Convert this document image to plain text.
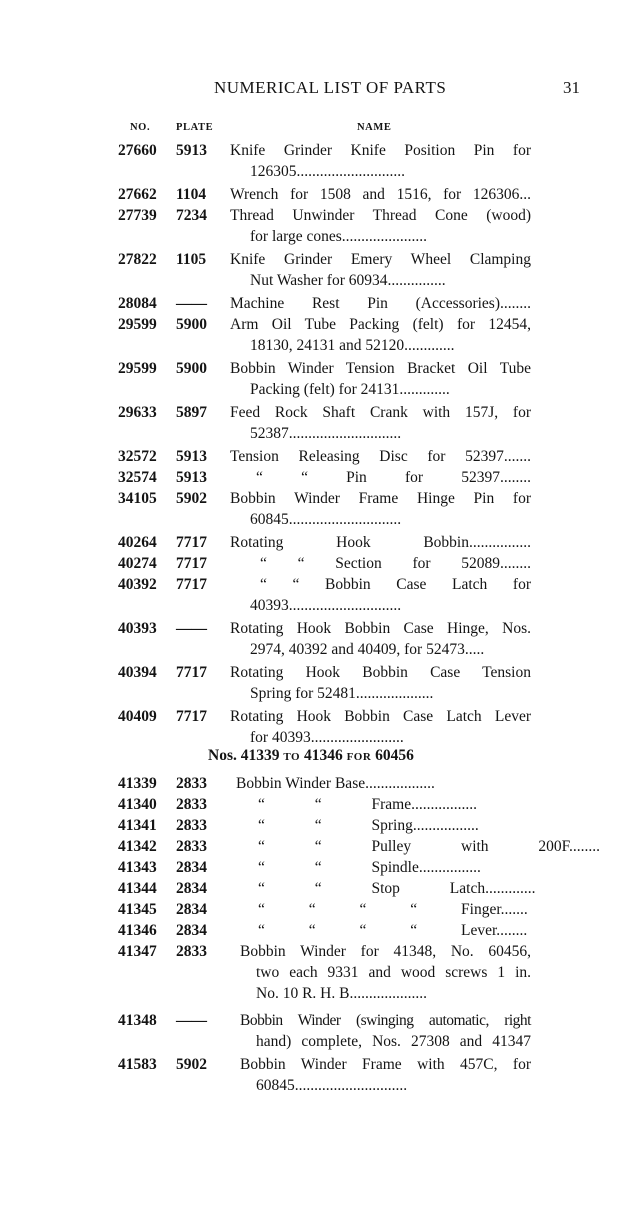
NUMERICAL LIST OF PARTS	31
NO. PLATE	NAME
27660 5913 Knife Grinder Knife Position Pin for
126305............................
27662 1104 Wrench for 1508 and 1516, for 126306...
27739 7234 Thread Unwinder Thread Cone (wood)
for large cones......................
27822 1105 Knife Grinder Emery Wheel Clamping
Nut Washer for 60934...............
28084 —— Machine Rest Pin (Accessories)........
29599 5900 Arm Oil Tube Packing (felt) for 12454,
18130, 24131 and 52120.............
29599 5900 Bobbin Winder Tension Bracket Oil Tube
Packing (felt) for 24131.............
29633 5897 Feed Rock Shaft Crank with 157J, for
52387.............................
32572 5913 Tension Releasing Disc for 52397.......
32574 5913	“ “ Pin for 52397........
34105 5902 Bobbin Winder Frame Hinge Pin for
60845.............................
40264 7717 Rotating Hook Bobbin................
40274 7717	“ “ Section for 52089........
40392 7717	“ “ Bobbin Case Latch for
40393.............................
40393 —— Rotating Hook Bobbin Case Hinge, Nos.
2974, 40392 and 40409, for 52473.....
40394 7717 Rotating Hook Bobbin Case Tension
Spring for 52481....................
40409 7717 Rotating Hook Bobbin Case Latch Lever
for 40393........................
Nos. 41339 TO 41346 FOR 60456
41339 2833 Bobbin Winder Base..................
41340 2833	“ “ Frame.................
41341 2833	“ “ Spring.................
41342 2833	“ “ Pulley with 200F........
41343 2834	“ “ Spindle................
41344 2834	“ “ Stop Latch.............
41345 2834	“ “ “ “ Finger.......
41346 2834	“ “ “ “ Lever........
41347 2833 Bobbin Winder for 41348, No. 60456,
two each 9331 and wood screws 1 in.
No. 10 R. H. B....................
41348 —— Bobbin Winder (swinging automatic, right
hand) complete, Nos. 27308 and 41347
41583 5902 Bobbin Winder Frame with 457C, for
60845.............................
